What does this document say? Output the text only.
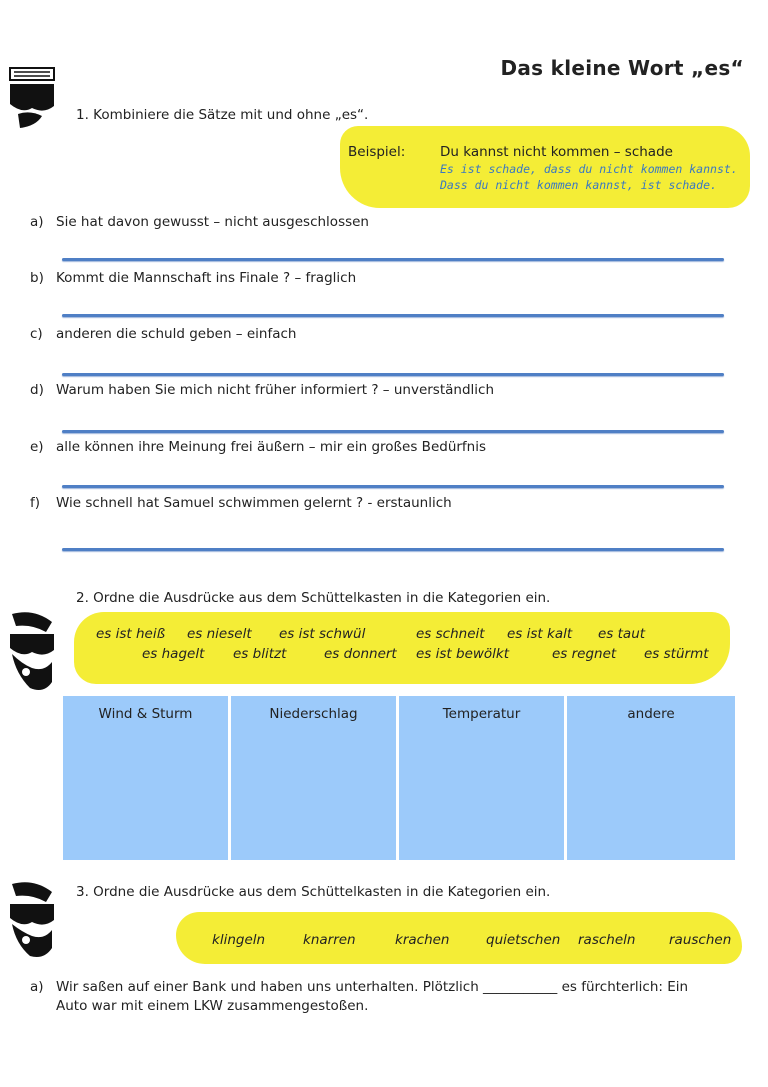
Das kleine Wort „es“
1. Kombiniere die Sätze mit und ohne „es“.
Beispiel:	Du kannst nicht kommen – schade
Es ist schade, dass du nicht kommen kannst.
Dass du nicht kommen kannst, ist schade.
a) Sie hat davon gewusst – nicht ausgeschlossen
b) Kommt die Mannschaft ins Finale ? – fraglich
c) anderen die schuld geben – einfach
d) Warum haben Sie mich nicht früher informiert ? – unverständlich
e) alle können ihre Meinung frei äußern – mir ein großes Bedürfnis
f) Wie schnell hat Samuel schwimmen gelernt ? - erstaunlich
2. Ordne die Ausdrücke aus dem Schüttelkasten in die Kategorien ein.
es ist heiß es nieselt es ist schwül	es schneit es ist kalt es taut
es hagelt es blitzt	es donnert es ist bewölkt	es regnet es stürmt
Wind & Sturm	Niederschlag	Temperatur	andere
3. Ordne die Ausdrücke aus dem Schüttelkasten in die Kategorien ein.
klingeln	knarren	krachen	quietschen rascheln rauschen
a) Wir saßen auf einer Bank und haben uns unterhalten. Plötzlich ___________ es fürchterlich: Ein
Auto war mit einem LKW zusammengestoßen.
